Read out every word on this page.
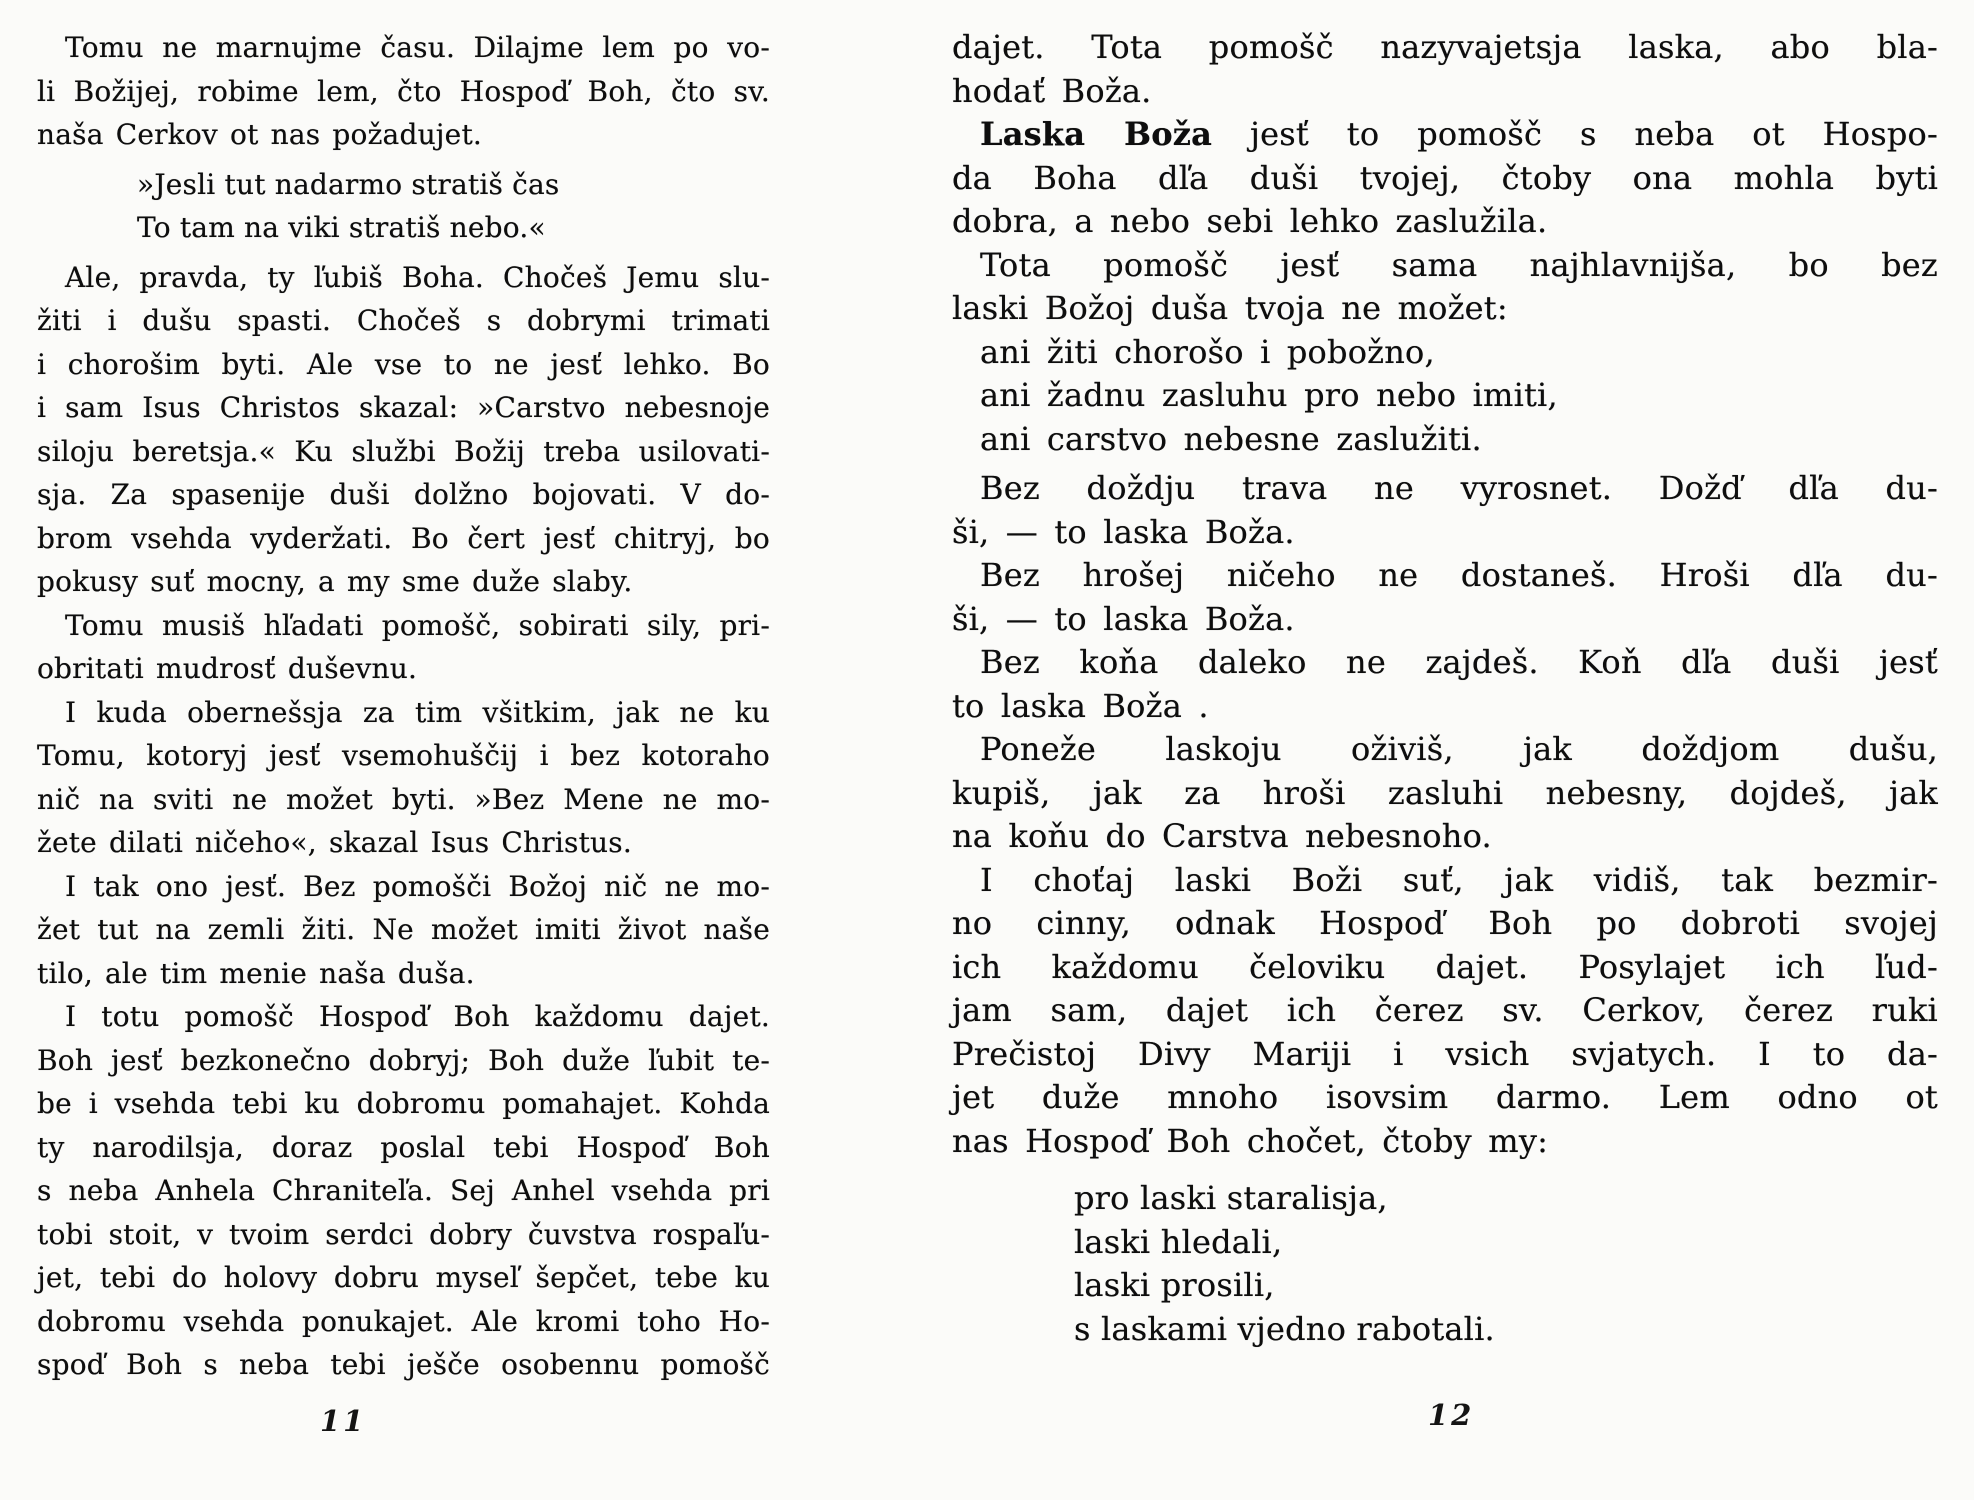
Tomu ne marnujme času. Dilajme lem po vo-
li Božijej, robime lem, čto Hospoď Boh, čto sv.
naša Cerkov ot nas požadujet.
»Jesli tut nadarmo stratiš čas
To tam na viki stratiš nebo.«
Ale, pravda, ty ľubiš Boha. Chočeš Jemu slu-
žiti i dušu spasti. Chočeš s dobrymi trimati
i chorošim byti. Ale vse to ne jesť lehko. Bo
i sam Isus Christos skazal: »Carstvo nebesnoje
siloju beretsja.« Ku službi Božij treba usilovati-
sja. Za spasenije duši dolžno bojovati. V do-
brom vsehda vyderžati. Bo čert jesť chitryj, bo
pokusy suť mocny, a my sme duže slaby.
Tomu musiš hľadati pomošč, sobirati sily, pri-
obritati mudrosť duševnu.
I kuda obernešsja za tim všitkim, jak ne ku
Tomu, kotoryj jesť vsemohuščij i bez kotoraho
nič na sviti ne možet byti. »Bez Mene ne mo-
žete dilati ničeho«, skazal Isus Christus.
I tak ono jesť. Bez pomošči Božoj nič ne mo-
žet tut na zemli žiti. Ne možet imiti život naše
tilo, ale tim menie naša duša.
I totu pomošč Hospoď Boh každomu dajet.
Boh jesť bezkonečno dobryj; Boh duže ľubit te-
be i vsehda tebi ku dobromu pomahajet. Kohda
ty narodilsja, doraz poslal tebi Hospoď Boh
s neba Anhela Chraniteľa. Sej Anhel vsehda pri
tobi stoit, v tvoim serdci dobry čuvstva rospaľu-
jet, tebi do holovy dobru myseľ šepčet, tebe ku
dobromu vsehda ponukajet. Ale kromi toho Ho-
spoď Boh s neba tebi ješče osobennu pomošč
dajet. Tota pomošč nazyvajetsja laska, abo bla-
hodať Boža.
Laska Boža jesť to pomošč s neba ot Hospo-
da Boha dľa duši tvojej, čtoby ona mohla byti
dobra, a nebo sebi lehko zaslužila.
Tota pomošč jesť sama najhlavnijša, bo bez
laski Božoj duša tvoja ne možet:
ani žiti chorošo i pobožno,
ani žadnu zasluhu pro nebo imiti,
ani carstvo nebesne zaslužiti.
Bez doždju trava ne vyrosnet. Dožď dľa du-
ši, — to laska Boža.
Bez hrošej ničeho ne dostaneš. Hroši dľa du-
ši, — to laska Boža.
Bez koňa daleko ne zajdeš. Koň dľa duši jesť
to laska Boža .
Poneže laskoju oživiš, jak doždjom dušu,
kupiš, jak za hroši zasluhi nebesny, dojdeš, jak
na koňu do Carstva nebesnoho.
I choťaj laski Boži suť, jak vidiš, tak bezmir-
no cinny, odnak Hospoď Boh po dobroti svojej
ich každomu čeloviku dajet. Posylajet ich ľud-
jam sam, dajet ich čerez sv. Cerkov, čerez ruki
Prečistoj Divy Mariji i vsich svjatych. I to da-
jet duže mnoho isovsim darmo. Lem odno ot
nas Hospoď Boh chočet, čtoby my:
pro laski staralisja,
laski hledali,
laski prosili,
s laskami vjedno rabotali.
11	12
